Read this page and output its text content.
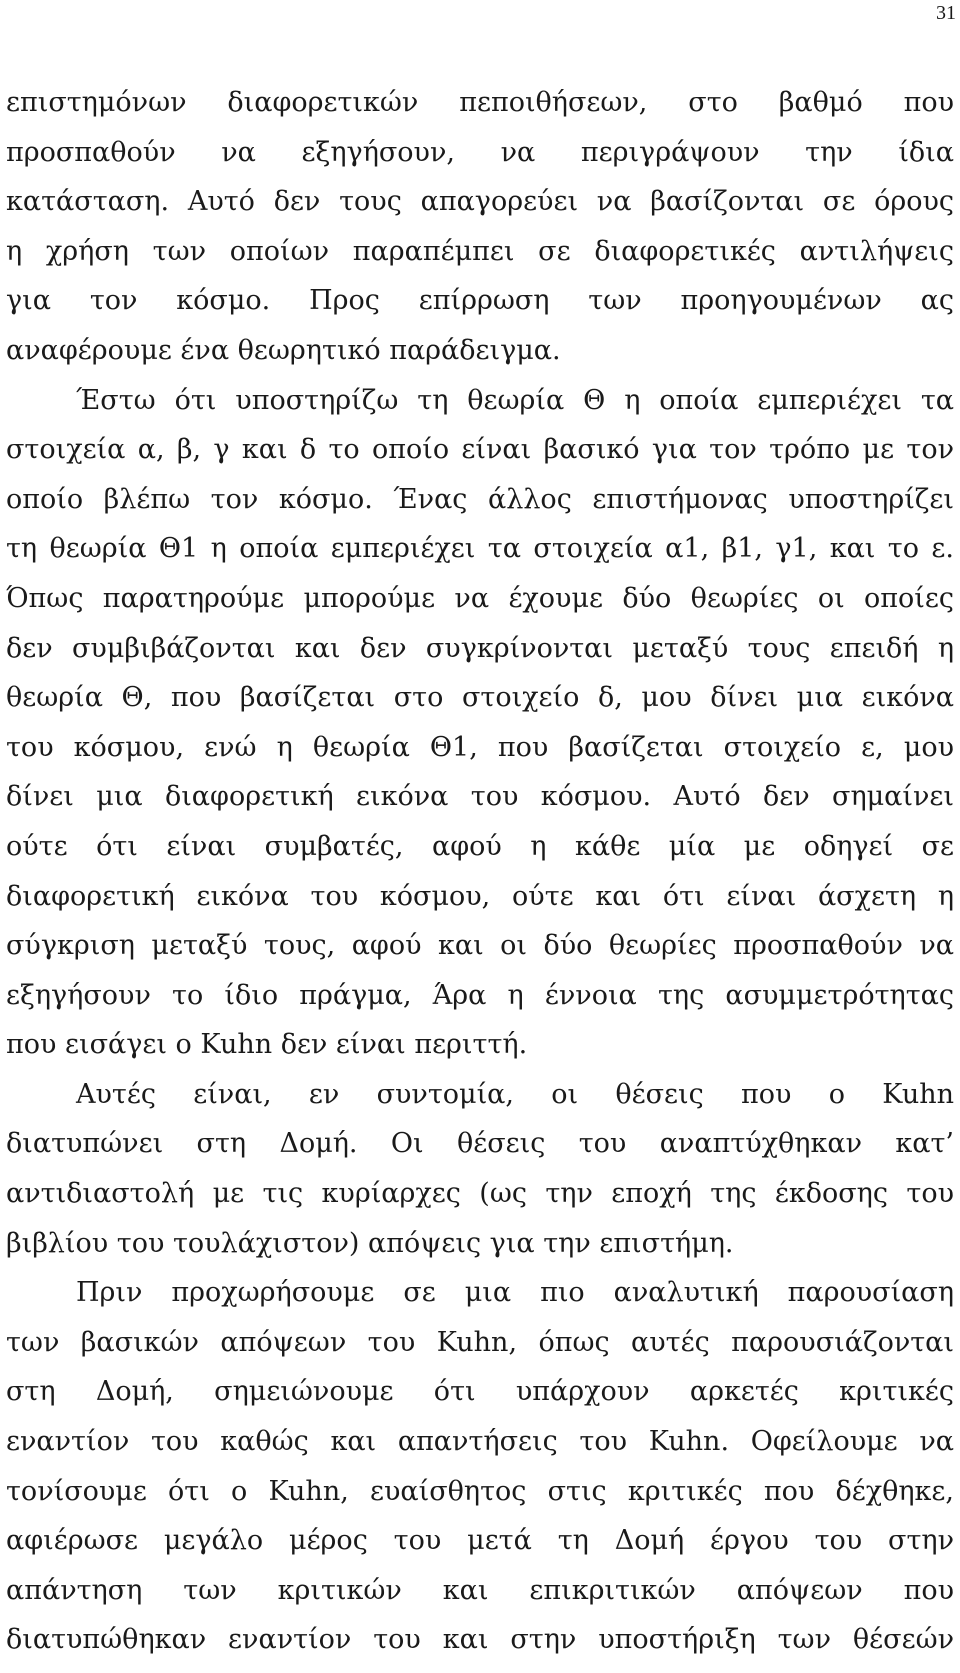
31
επιστημόνων διαφορετικών πεποιθήσεων, στο βαθμό που
προσπαθούν να εξηγήσουν, να περιγράψουν την ίδια
κατάσταση. Αυτό δεν τους απαγορεύει να βασίζονται σε όρους
η χρήση των οποίων παραπέμπει σε διαφορετικές αντιλήψεις
για τον κόσμο. Προς επίρρωση των προηγουμένων ας
αναφέρουμε ένα θεωρητικό παράδειγμα.
Έστω ότι υποστηρίζω τη θεωρία Θ η οποία εμπεριέχει τα
στοιχεία α, β, γ και δ το οποίο είναι βασικό για τον τρόπο με τον
οποίο βλέπω τον κόσμο. Ένας άλλος επιστήμονας υποστηρίζει
τη θεωρία Θ1 η οποία εμπεριέχει τα στοιχεία α1, β1, γ1, και το ε.
Όπως παρατηρούμε μπορούμε να έχουμε δύο θεωρίες οι οποίες
δεν συμβιβάζονται και δεν συγκρίνονται μεταξύ τους επειδή η
θεωρία Θ, που βασίζεται στο στοιχείο δ, μου δίνει μια εικόνα
του κόσμου, ενώ η θεωρία Θ1, που βασίζεται στοιχείο ε, μου
δίνει μια διαφορετική εικόνα του κόσμου. Αυτό δεν σημαίνει
ούτε ότι είναι συμβατές, αφού η κάθε μία με οδηγεί σε
διαφορετική εικόνα του κόσμου, ούτε και ότι είναι άσχετη η
σύγκριση μεταξύ τους, αφού και οι δύο θεωρίες προσπαθούν να
εξηγήσουν το ίδιο πράγμα, Άρα η έννοια της ασυμμετρότητας
που εισάγει ο Kuhn δεν είναι περιττή.
Αυτές είναι, εν συντομία, οι θέσεις που ο Kuhn
διατυπώνει στη Δομή. Οι θέσεις του αναπτύχθηκαν κατ’
αντιδιαστολή με τις κυρίαρχες (ως την εποχή της έκδοσης του
βιβλίου του τουλάχιστον) απόψεις για την επιστήμη.
Πριν προχωρήσουμε σε μια πιο αναλυτική παρουσίαση
των βασικών απόψεων του Kuhn, όπως αυτές παρουσιάζονται
στη Δομή, σημειώνουμε ότι υπάρχουν αρκετές κριτικές
εναντίον του καθώς και απαντήσεις του Kuhn. Οφείλουμε να
τονίσουμε ότι ο Kuhn, ευαίσθητος στις κριτικές που δέχθηκε,
αφιέρωσε μεγάλο μέρος του μετά τη Δομή έργου του στην
απάντηση των κριτικών και επικριτικών απόψεων που
διατυπώθηκαν εναντίον του και στην υποστήριξη των θέσεών
